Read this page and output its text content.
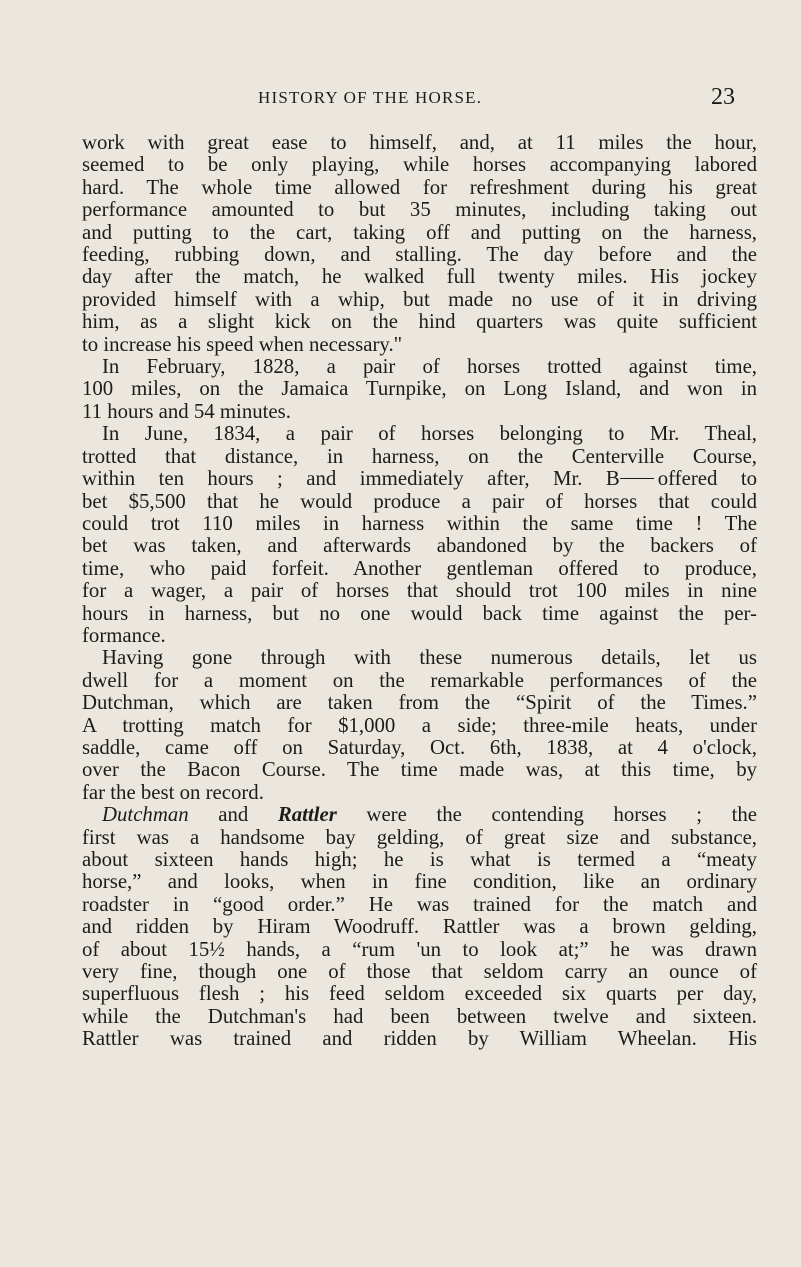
HISTORY OF THE HORSE.	23
work with great ease to himself, and, at 11 miles the hour,
seemed to be only playing, while horses accompanying labored
hard. The whole time allowed for refreshment during his great
performance amounted to but 35 minutes, including taking out
and putting to the cart, taking off and putting on the harness,
feeding, rubbing down, and stalling. The day before and the
day after the match, he walked full twenty miles. His jockey
provided himself with a whip, but made no use of it in driving
him, as a slight kick on the hind quarters was quite sufficient
to increase his speed when necessary."
In February, 1828, a pair of horses trotted against time,
100 miles, on the Jamaica Turnpike, on Long Island, and won in
11 hours and 54 minutes.
In June, 1834, a pair of horses belonging to Mr. Theal,
trotted that distance, in harness, on the Centerville Course,
within ten hours ; and immediately after, Mr. B offered to
bet $5,500 that he would produce a pair of horses that could
could trot 110 miles in harness within the same time ! The
bet was taken, and afterwards abandoned by the backers of
time, who paid forfeit. Another gentleman offered to produce,
for a wager, a pair of horses that should trot 100 miles in nine
hours in harness, but no one would back time against the per-
formance.
Having gone through with these numerous details, let us
dwell for a moment on the remarkable performances of the
Dutchman, which are taken from the “Spirit of the Times.”
A trotting match for $1,000 a side; three-mile heats, under
saddle, came off on Saturday, Oct. 6th, 1838, at 4 o'clock,
over the Bacon Course. The time made was, at this time, by
far the best on record.
Dutchman and Rattler were the contending horses ; the
first was a handsome bay gelding, of great size and substance,
about sixteen hands high; he is what is termed a “meaty
horse,” and looks, when in fine condition, like an ordinary
roadster in “good order.” He was trained for the match and
and ridden by Hiram Woodruff. Rattler was a brown gelding,
of about 15½ hands, a “rum 'un to look at;” he was drawn
very fine, though one of those that seldom carry an ounce of
superfluous flesh ; his feed seldom exceeded six quarts per day,
while the Dutchman's had been between twelve and sixteen.
Rattler was trained and ridden by William Wheelan. His
